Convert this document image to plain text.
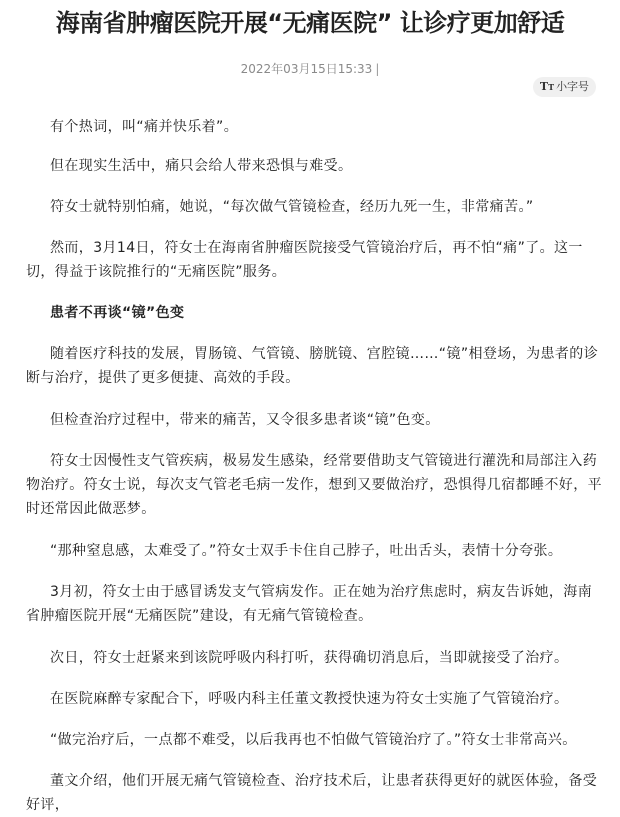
海南省肿瘤医院开展“无痛医院” 让诊疗更加舒适
2022年03月15日15:33 |
TT 小字号

有个热词，叫“痛并快乐着”。

但在现实生活中，痛只会给人带来恐惧与难受。

符女士就特别怕痛，她说，“每次做气管镜检查，经历九死一生，非常痛苦。”

然而，3月14日，符女士在海南省肿瘤医院接受气管镜治疗后，再不怕“痛”了。这一切，得益于该院推行的“无痛医院”服务。

患者不再谈“镜”色变

随着医疗科技的发展，胃肠镜、气管镜、膀胱镜、宫腔镜……“镜”相登场，为患者的诊断与治疗，提供了更多便捷、高效的手段。

但检查治疗过程中，带来的痛苦，又令很多患者谈“镜”色变。

符女士因慢性支气管疾病，极易发生感染，经常要借助支气管镜进行灌洗和局部注入药物治疗。符女士说，每次支气管老毛病一发作，想到又要做治疗，恐惧得几宿都睡不好，平时还常因此做恶梦。

“那种窒息感，太难受了。”符女士双手卡住自己脖子，吐出舌头，表情十分夸张。

3月初，符女士由于感冒诱发支气管病发作。正在她为治疗焦虑时，病友告诉她，海南省肿瘤医院开展“无痛医院”建设，有无痛气管镜检查。

次日，符女士赶紧来到该院呼吸内科打听，获得确切消息后，当即就接受了治疗。

在医院麻醉专家配合下，呼吸内科主任董文教授快速为符女士实施了气管镜治疗。

“做完治疗后，一点都不难受，以后我再也不怕做气管镜治疗了。”符女士非常高兴。

董文介绍，他们开展无痛气管镜检查、治疗技术后，让患者获得更好的就医体验，备受好评，
